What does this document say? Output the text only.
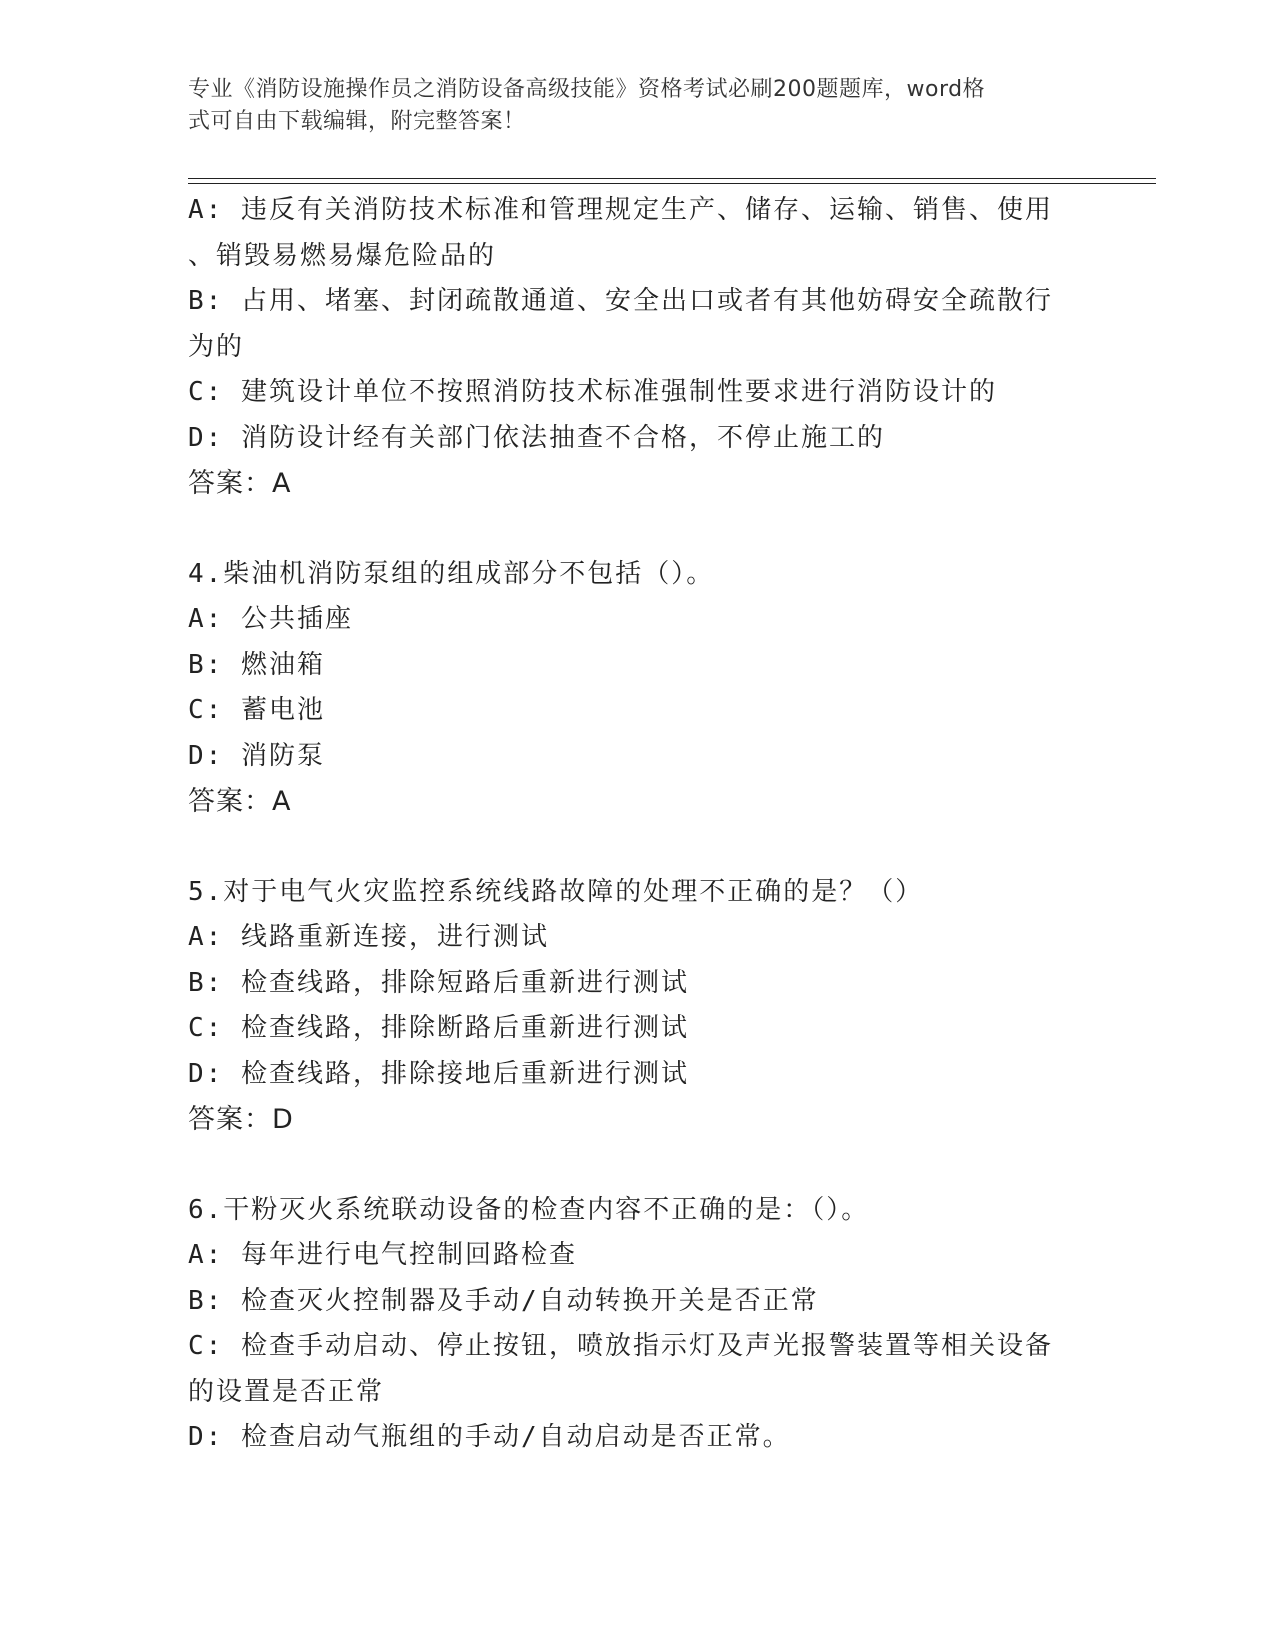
专业《消防设施操作员之消防设备高级技能》资格考试必刷200题题库，word格
式可自由下载编辑，附完整答案！
A: 违反有关消防技术标准和管理规定生产、储存、运输、销售、使用
、销毁易燃易爆危险品的
B: 占用、堵塞、封闭疏散通道、安全出口或者有其他妨碍安全疏散行
为的
C: 建筑设计单位不按照消防技术标准强制性要求进行消防设计的
D: 消防设计经有关部门依法抽查不合格，不停止施工的
答案：A
4.柴油机消防泵组的组成部分不包括（）。
A: 公共插座
B: 燃油箱
C: 蓄电池
D: 消防泵
答案：A
5.对于电气火灾监控系统线路故障的处理不正确的是？（）
A: 线路重新连接，进行测试
B: 检查线路，排除短路后重新进行测试
C: 检查线路，排除断路后重新进行测试
D: 检查线路，排除接地后重新进行测试
答案：D
6.干粉灭火系统联动设备的检查内容不正确的是：（）。
A: 每年进行电气控制回路检查
B: 检查灭火控制器及手动/自动转换开关是否正常
C: 检查手动启动、停止按钮，喷放指示灯及声光报警装置等相关设备
的设置是否正常
D: 检查启动气瓶组的手动/自动启动是否正常。
